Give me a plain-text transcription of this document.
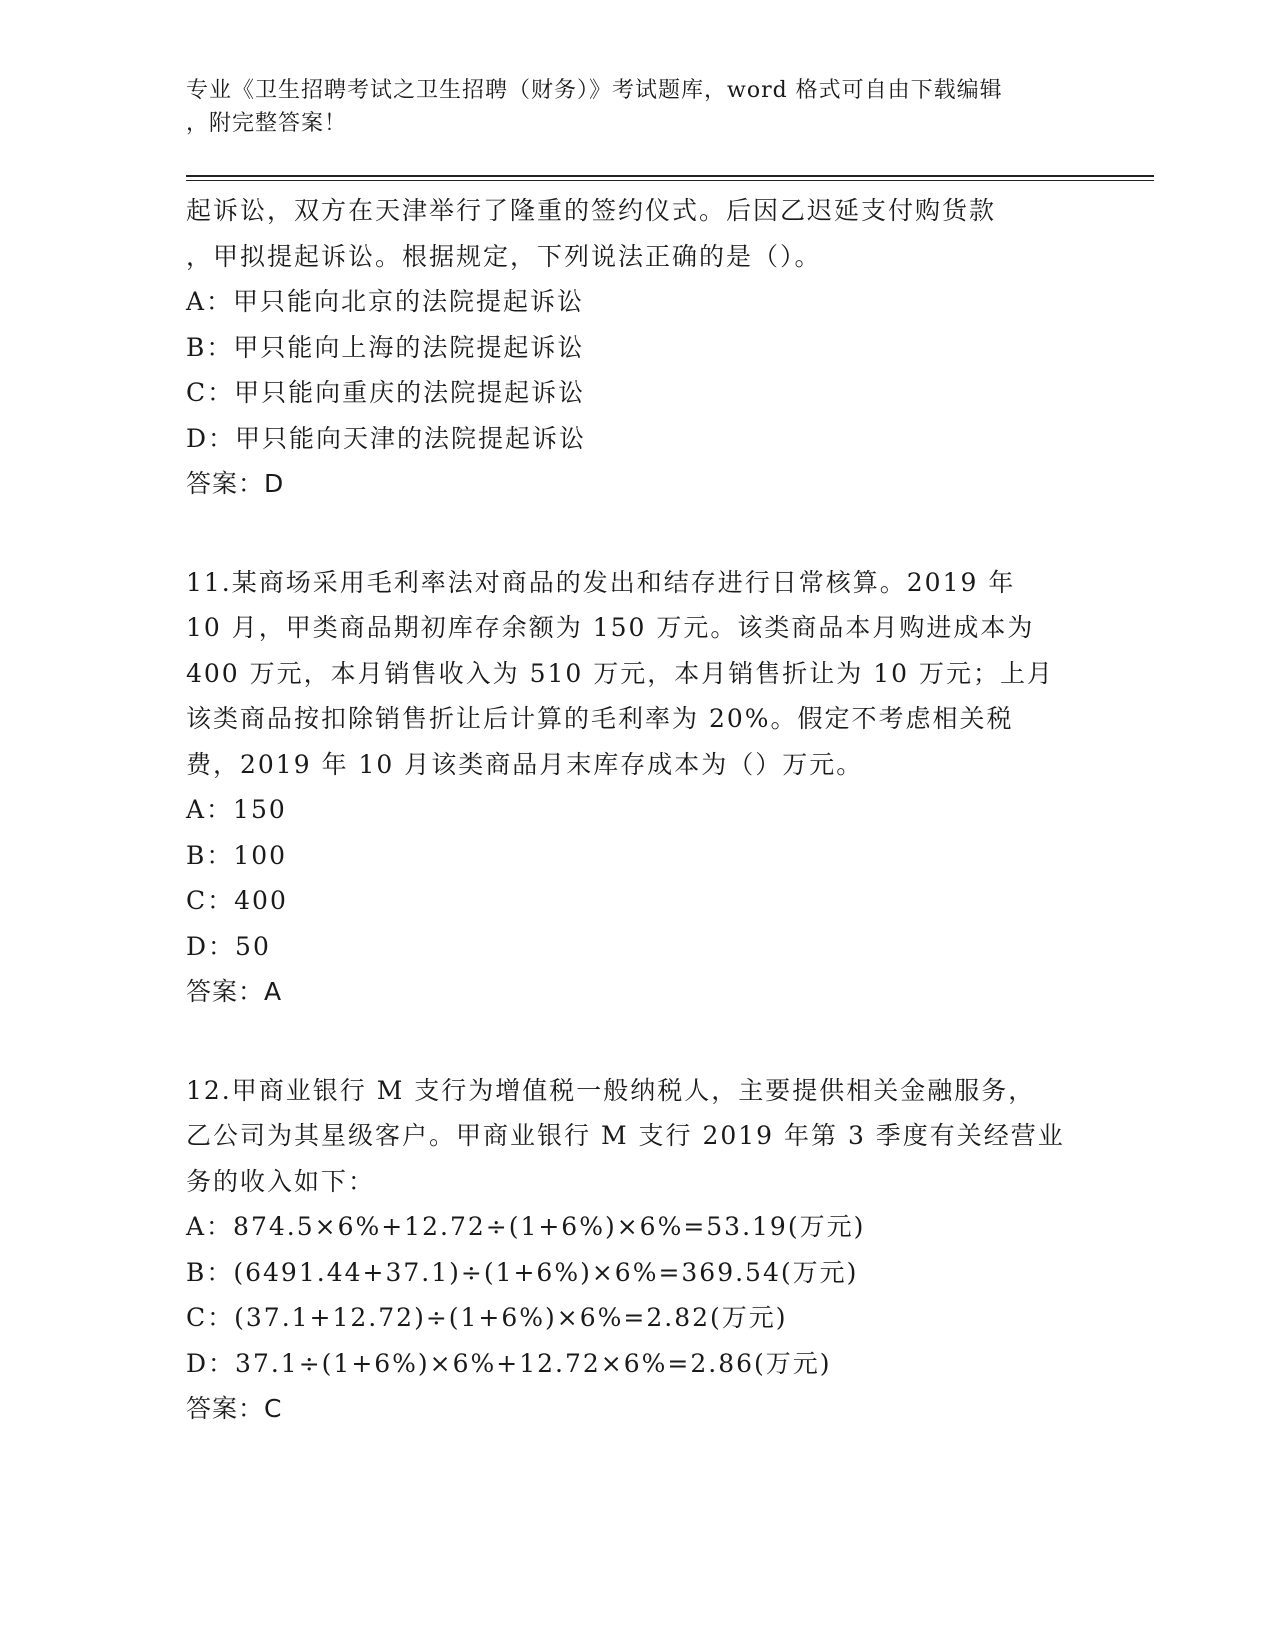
专业《卫生招聘考试之卫生招聘（财务）》考试题库，word 格式可自由下载编辑
，附完整答案！
起诉讼，双方在天津举行了隆重的签约仪式。后因乙迟延支付购货款
，甲拟提起诉讼。根据规定，下列说法正确的是（）。
A：甲只能向北京的法院提起诉讼
B：甲只能向上海的法院提起诉讼
C：甲只能向重庆的法院提起诉讼
D：甲只能向天津的法院提起诉讼
答案：D
11.某商场采用毛利率法对商品的发出和结存进行日常核算。2019 年
10 月，甲类商品期初库存余额为 150 万元。该类商品本月购进成本为
400 万元，本月销售收入为 510 万元，本月销售折让为 10 万元；上月
该类商品按扣除销售折让后计算的毛利率为 20%。假定不考虑相关税
费，2019 年 10 月该类商品月末库存成本为（）万元。
A：150
B：100
C：400
D：50
答案：A
12.甲商业银行 M 支行为增值税一般纳税人，主要提供相关金融服务，
乙公司为其星级客户。甲商业银行 M 支行 2019 年第 3 季度有关经营业
务的收入如下：
A：874.5×6%+12.72÷(1+6%)×6%=53.19(万元)
B：(6491.44+37.1)÷(1+6%)×6%=369.54(万元)
C：(37.1+12.72)÷(1+6%)×6%=2.82(万元)
D：37.1÷(1+6%)×6%+12.72×6%=2.86(万元)
答案：C
